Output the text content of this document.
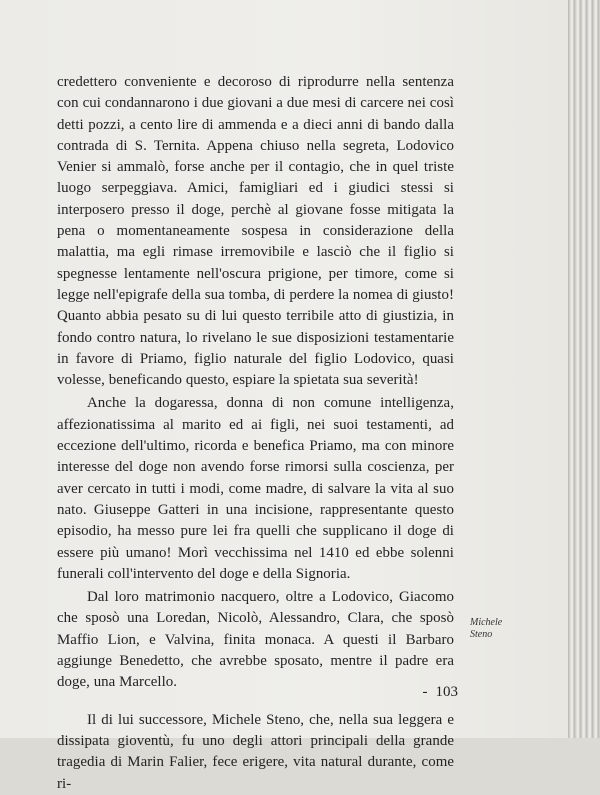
credettero conveniente e decoroso di riprodurre nella sentenza con cui condannarono i due giovani a due mesi di carcere nei così detti pozzi, a cento lire di ammenda e a dieci anni di bando dalla contrada di S. Ternita. Appena chiuso nella segreta, Lodovico Venier si ammalò, forse anche per il contagio, che in quel triste luogo serpeggiava. Amici, famigliari ed i giudici stessi si interposero presso il doge, perchè al giovane fosse mitigata la pena o momentaneamente sospesa in considerazione della malattia, ma egli rimase irremovibile e lasciò che il figlio si spegnesse lentamente nell'oscura prigione, per timore, come si legge nell'epigrafe della sua tomba, di perdere la nomea di giusto! Quanto abbia pesato su di lui questo terribile atto di giustizia, in fondo contro natura, lo rivelano le sue disposizioni testamentarie in favore di Priamo, figlio naturale del figlio Lodovico, quasi volesse, beneficando questo, espiare la spietata sua severità!

Anche la dogaressa, donna di non comune intelligenza, affezionatissima al marito ed ai figli, nei suoi testamenti, ad eccezione dell'ultimo, ricorda e benefica Priamo, ma con minore interesse del doge non avendo forse rimorsi sulla coscienza, per aver cercato in tutti i modi, come madre, di salvare la vita al suo nato. Giuseppe Gatteri in una incisione, rappresentante questo episodio, ha messo pure lei fra quelli che supplicano il doge di essere più umano! Morì vecchissima nel 1410 ed ebbe solenni funerali coll'intervento del doge e della Signoria.

Dal loro matrimonio nacquero, oltre a Lodovico, Giacomo che sposò una Loredan, Nicolò, Alessandro, Clara, che sposò Maffio Lion, e Valvina, finita monaca. A questi il Barbaro aggiunge Benedetto, che avrebbe sposato, mentre il padre era doge, una Marcello.

Il di lui successore, Michele Steno, che, nella sua leggera e dissipata gioventù, fu uno degli attori principali della grande tragedia di Marin Falier, fece erigere, vita natural durante, come ri-

Michele
Steno
- 103
